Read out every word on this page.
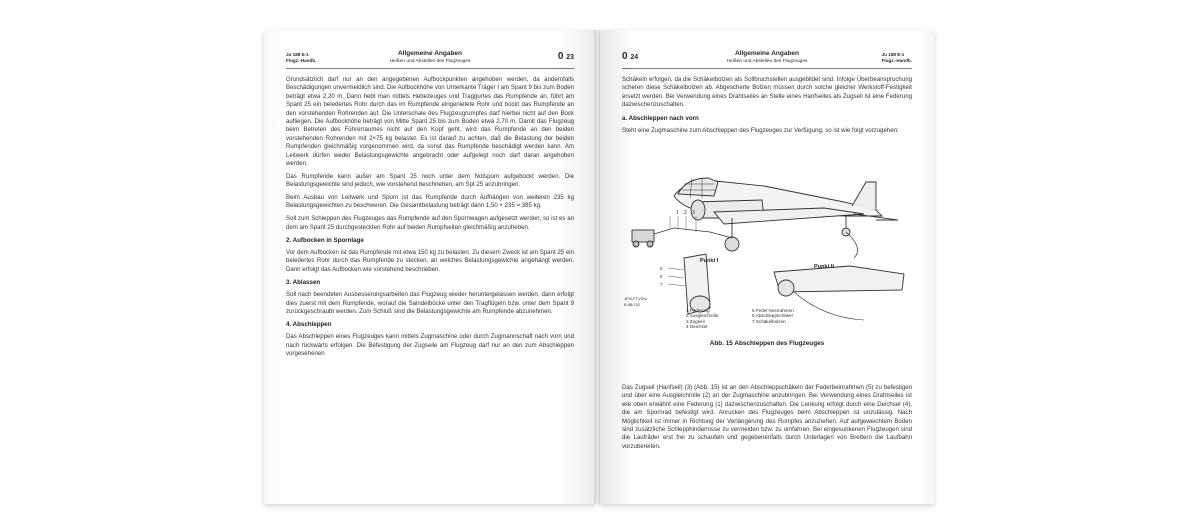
Ju 188 E-1
Flugz.-Handb.
Allgemeine Angaben
Heißen und Abstellen des Flugzeuges	0 23

Grundsätzlich darf nur an den angegebenen Aufbockpunkten angehoben werden, da andernfalls Beschädigungen unvermeidlich sind. Die Aufbockhöhe von Unterkante Träger I am Spant 9 bis zum Boden beträgt etwa 2,20 m. Dann hebt man mittels Hebezeuges und Traggurtes das Rumpfende an, führt am Spant 25 ein beledertes Rohr durch das im Rumpfende eingenietete Rohr und bockt das Rumpfende an den vorstehenden Rohrenden auf. Die Unterschale des Flugzeugrumpfes darf hierbei nicht auf den Bock aufliegen. Die Aufbockhöhe beträgt von Mitte Spant 25 bis zum Boden etwa 2,70 m. Damit das Flugzeug beim Betreten des Führerraumes nicht auf den Kopf geht, wird das Rumpfende an den beiden vorstehenden Rohrenden mit 2×75 kg belastet. Es ist darauf zu achten, daß die Belastung der beiden Rumpfenden gleichmäßig vorgenommen wird, da sonst das Rumpfende beschädigt werden kann. Am Leitwerk dürfen weder Belastungsgewichte angebracht oder aufgelegt noch darf daran angehoben werden.

Das Rumpfende kann außer am Spant 25 noch unter dem Notsporn aufgebockt werden. Die Belastungsgewichte sind jedoch, wie vorstehend beschrieben, am Spt 25 anzubringen.

Beim Ausbau von Leitwerk und Sporn ist das Rumpfende durch Aufhängen von weiteren 235 kg Belastungsgewichten zu beschweren. Die Gesamtbelastung beträgt dann 1,50 × 235 = 385 kg.

Soll zum Schleppen des Flugzeuges das Rumpfende auf den Spornwagen aufgesetzt werden, so ist es an dem am Spant 25 durchgesteckten Rohr auf beiden Rumpfseiten gleichmäßig anzuheben.

2. Aufbocken in Spornlage

Vor dem Aufbocken ist das Rumpfende mit etwa 150 kg zu belasten. Zu diesem Zweck ist am Spant 25 ein beledertes Rohr durch das Rumpfende zu stecken, an welches Belastungsgewichte angehängt werden. Dann erfolgt das Aufbocken wie vorstehend beschrieben.

3. Ablassen

Soll nach beendeten Ausbesserungsarbeiten das Flugzeug wieder heruntergelassen werden, dann erfolgt dies zuerst mit dem Rumpfende, worauf die Saindelböcke unter den Tragflügeln bzw. unter dem Spant 9 zurückgeschraubt werden. Zum Schluß sind die Belastungsgewichte am Rumpfende abzunehmen.

4. Abschleppen

Das Abschleppen eines Flugzeuges kann mittels Zugmaschine oder durch Zugmannschaft nach vorn und nach rückwärts erfolgen. Die Befestigung der Zugseile am Flugzeug darf nur an den zum Abschleppen vorgesehenen

0 24
Allgemeine Angaben
Heißen und Abstellen des Flugzeuges
Ju 188 E-1
Flugz.-Handb.

Schäkeln erfolgen, da die Schäkelbolzen als Sollbruchstellen ausgebildet sind. Infolge Überbeanspruchung scheren diese Schäkelbolzen ab. Abgescherte Bolzen müssen durch solche gleicher Werkstoff-Festigkeit ersetzt werden. Bei Verwendung eines Drahtseiles an Stelle eines Hanfseiles als Zugseil ist eine Federung dazwischenzuschalten.

a. Abschleppen nach vorn

Steht eine Zugmaschine zum Abschleppen des Flugzeuges zur Verfügung, so ist wie folgt vorzugehen:

1 2 3
Punkt I
Punkt II
5
6
7
JFM-FTVDru
B 88/702
1 Federung
2 Ausgleichrolle
3 Zugseil
4 Deichsel
5 Feder-beinrahmen
6 Abschleppschäkel
7 Schäkelbolzen
Abb. 15 Abschleppen des Flugzeuges

Das Zugseil (Hanfseil) (3) (Abb. 15) ist an den Abschleppschäkeln der Federbeinrahmen (5) zu befestigen und über eine Ausgleichrolle (2) an der Zugmaschine anzubringen. Bei Verwendung eines Drahtseiles ist wie oben erwähnt eine Federung (1) dazwischenzuschalten. Die Lenkung erfolgt durch eine Deichsel (4), die am Spornrad befestigt wird. Anrucken des Flugzeuges beim Abschleppen ist unzulässig. Nach Möglichkeit ist immer in Richtung der Verlängerung des Rumpfes anzuziehen. Auf aufgeweichtem Boden sind zusätzliche Schlepphindernisse zu vermeiden bzw. zu umfahren. Bei eingesunkenen Flugzeugen sind die Laufräder erst frei zu schaufeln und gegebenenfalls durch Unterlagen von Brettern die Laufbahn vorzubereiten.
